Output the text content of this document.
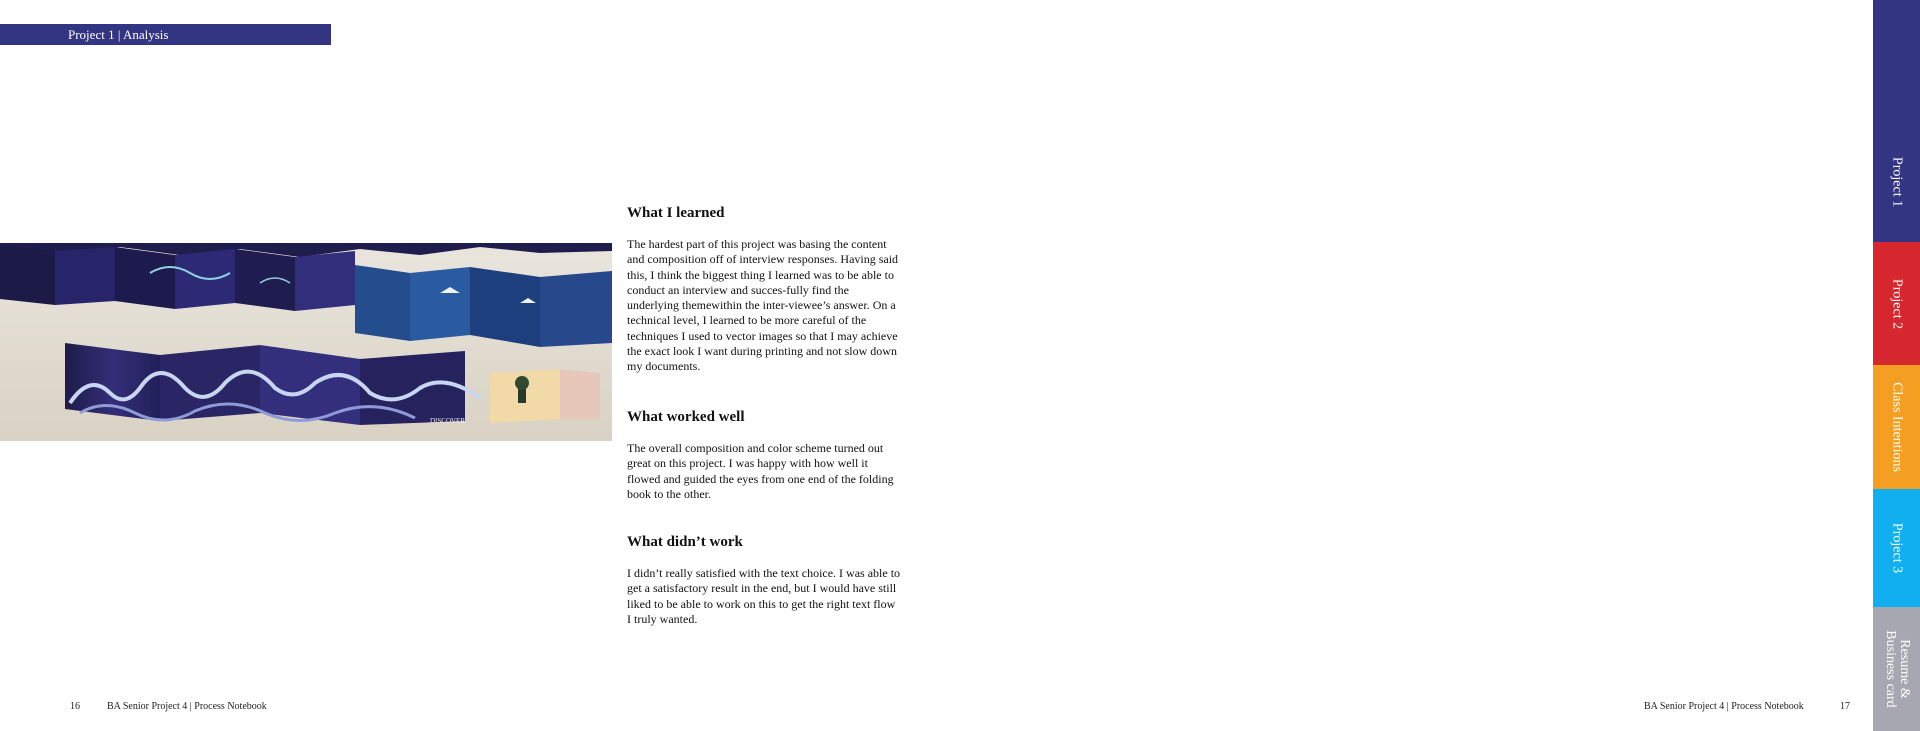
Project 1 | Analysis
DISCOVER
What I learned

The hardest part of this project was basing the content and composition off of interview responses. Having said this, I think the biggest thing I learned was to be able to conduct an interview and succes-fully find the underlying themewithin the inter-viewee’s answer. On a technical level, I learned to be more careful of the techniques I used to vector images so that I may achieve the exact look I want during printing and not slow down my documents.

What worked well

The overall composition and color scheme turned out great on this project. I was happy with how well it flowed and guided the eyes from one end of the folding book to the other.

What didn’t work

I didn’t really satisfied with the text choice. I was able to get a satisfactory result in the end, but I would have still liked to be able to work on this to get the right text flow I truly wanted.

16	BA Senior Project 4 | Process Notebook	BA Senior Project 4 | Process Notebook	17
Project 1
Project 2
Class Intentions
Project 3
Resume & Business card
